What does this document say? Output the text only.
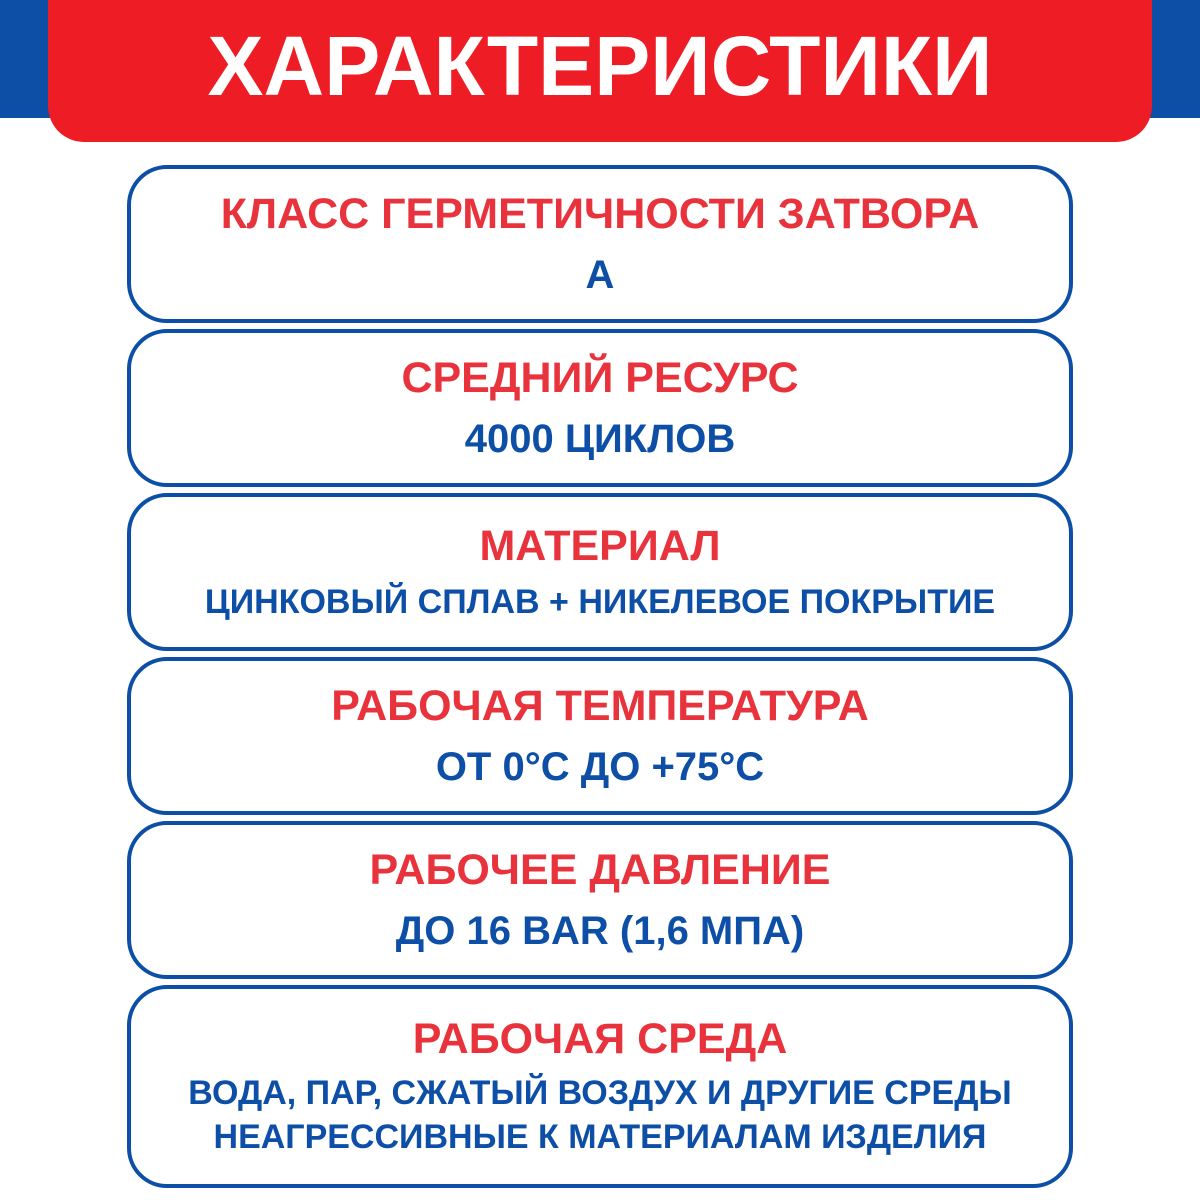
ХАРАКТЕРИСТИКИ
КЛАСС ГЕРМЕТИЧНОСТИ ЗАТВОРА
А
СРЕДНИЙ РЕСУРС
4000 ЦИКЛОВ
МАТЕРИАЛ
ЦИНКОВЫЙ СПЛАВ + НИКЕЛЕВОЕ ПОКРЫТИЕ
РАБОЧАЯ ТЕМПЕРАТУРА
ОТ 0°С ДО +75°С
РАБОЧЕЕ ДАВЛЕНИЕ
ДО 16 BAR (1,6 МПА)
РАБОЧАЯ СРЕДА
ВОДА, ПАР, СЖАТЫЙ ВОЗДУХ И ДРУГИЕ СРЕДЫ
НЕАГРЕССИВНЫЕ К МАТЕРИАЛАМ ИЗДЕЛИЯ
